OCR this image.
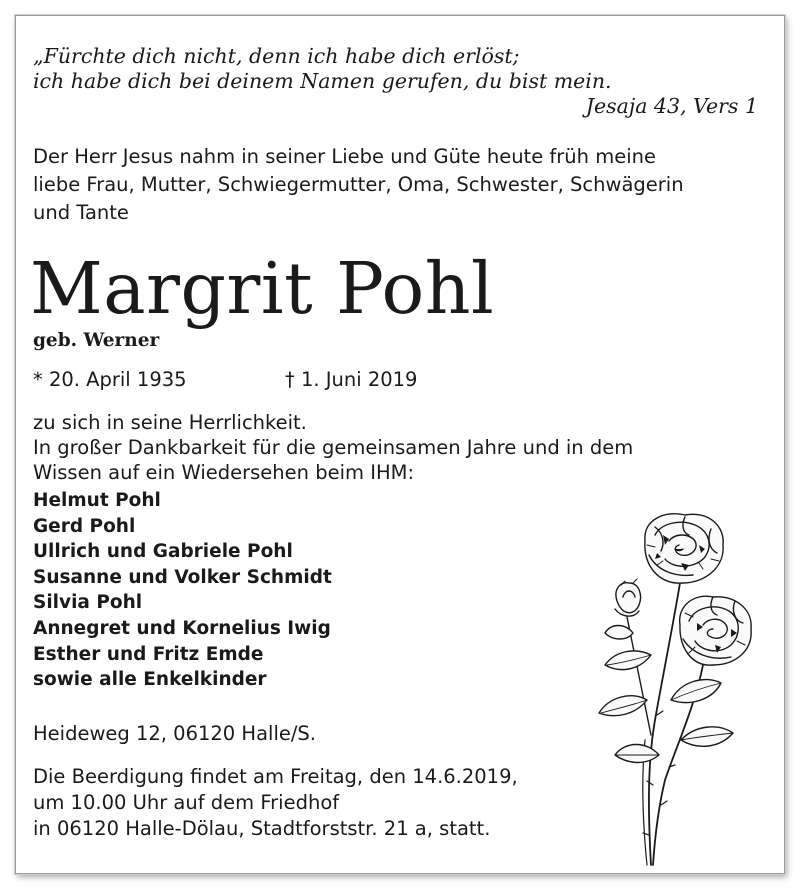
„Fürchte dich nicht, denn ich habe dich erlöst;
ich habe dich bei deinem Namen gerufen, du bist mein.
Jesaja 43, Vers 1
Der Herr Jesus nahm in seiner Liebe und Güte heute früh meine
liebe Frau, Mutter, Schwiegermutter, Oma, Schwester, Schwägerin
und Tante
Margrit Pohl
geb. Werner
* 20. April 1935	† 1. Juni 2019
zu sich in seine Herrlichkeit.
In großer Dankbarkeit für die gemeinsamen Jahre und in dem
Wissen auf ein Wiedersehen beim IHM:
Helmut Pohl
Gerd Pohl
Ullrich und Gabriele Pohl
Susanne und Volker Schmidt
Silvia Pohl
Annegret und Kornelius Iwig
Esther und Fritz Emde
sowie alle Enkelkinder
Heideweg 12, 06120 Halle/S.
Die Beerdigung findet am Freitag, den 14.6.2019,
um 10.00 Uhr auf dem Friedhof
in 06120 Halle-Dölau, Stadtforststr. 21 a, statt.
